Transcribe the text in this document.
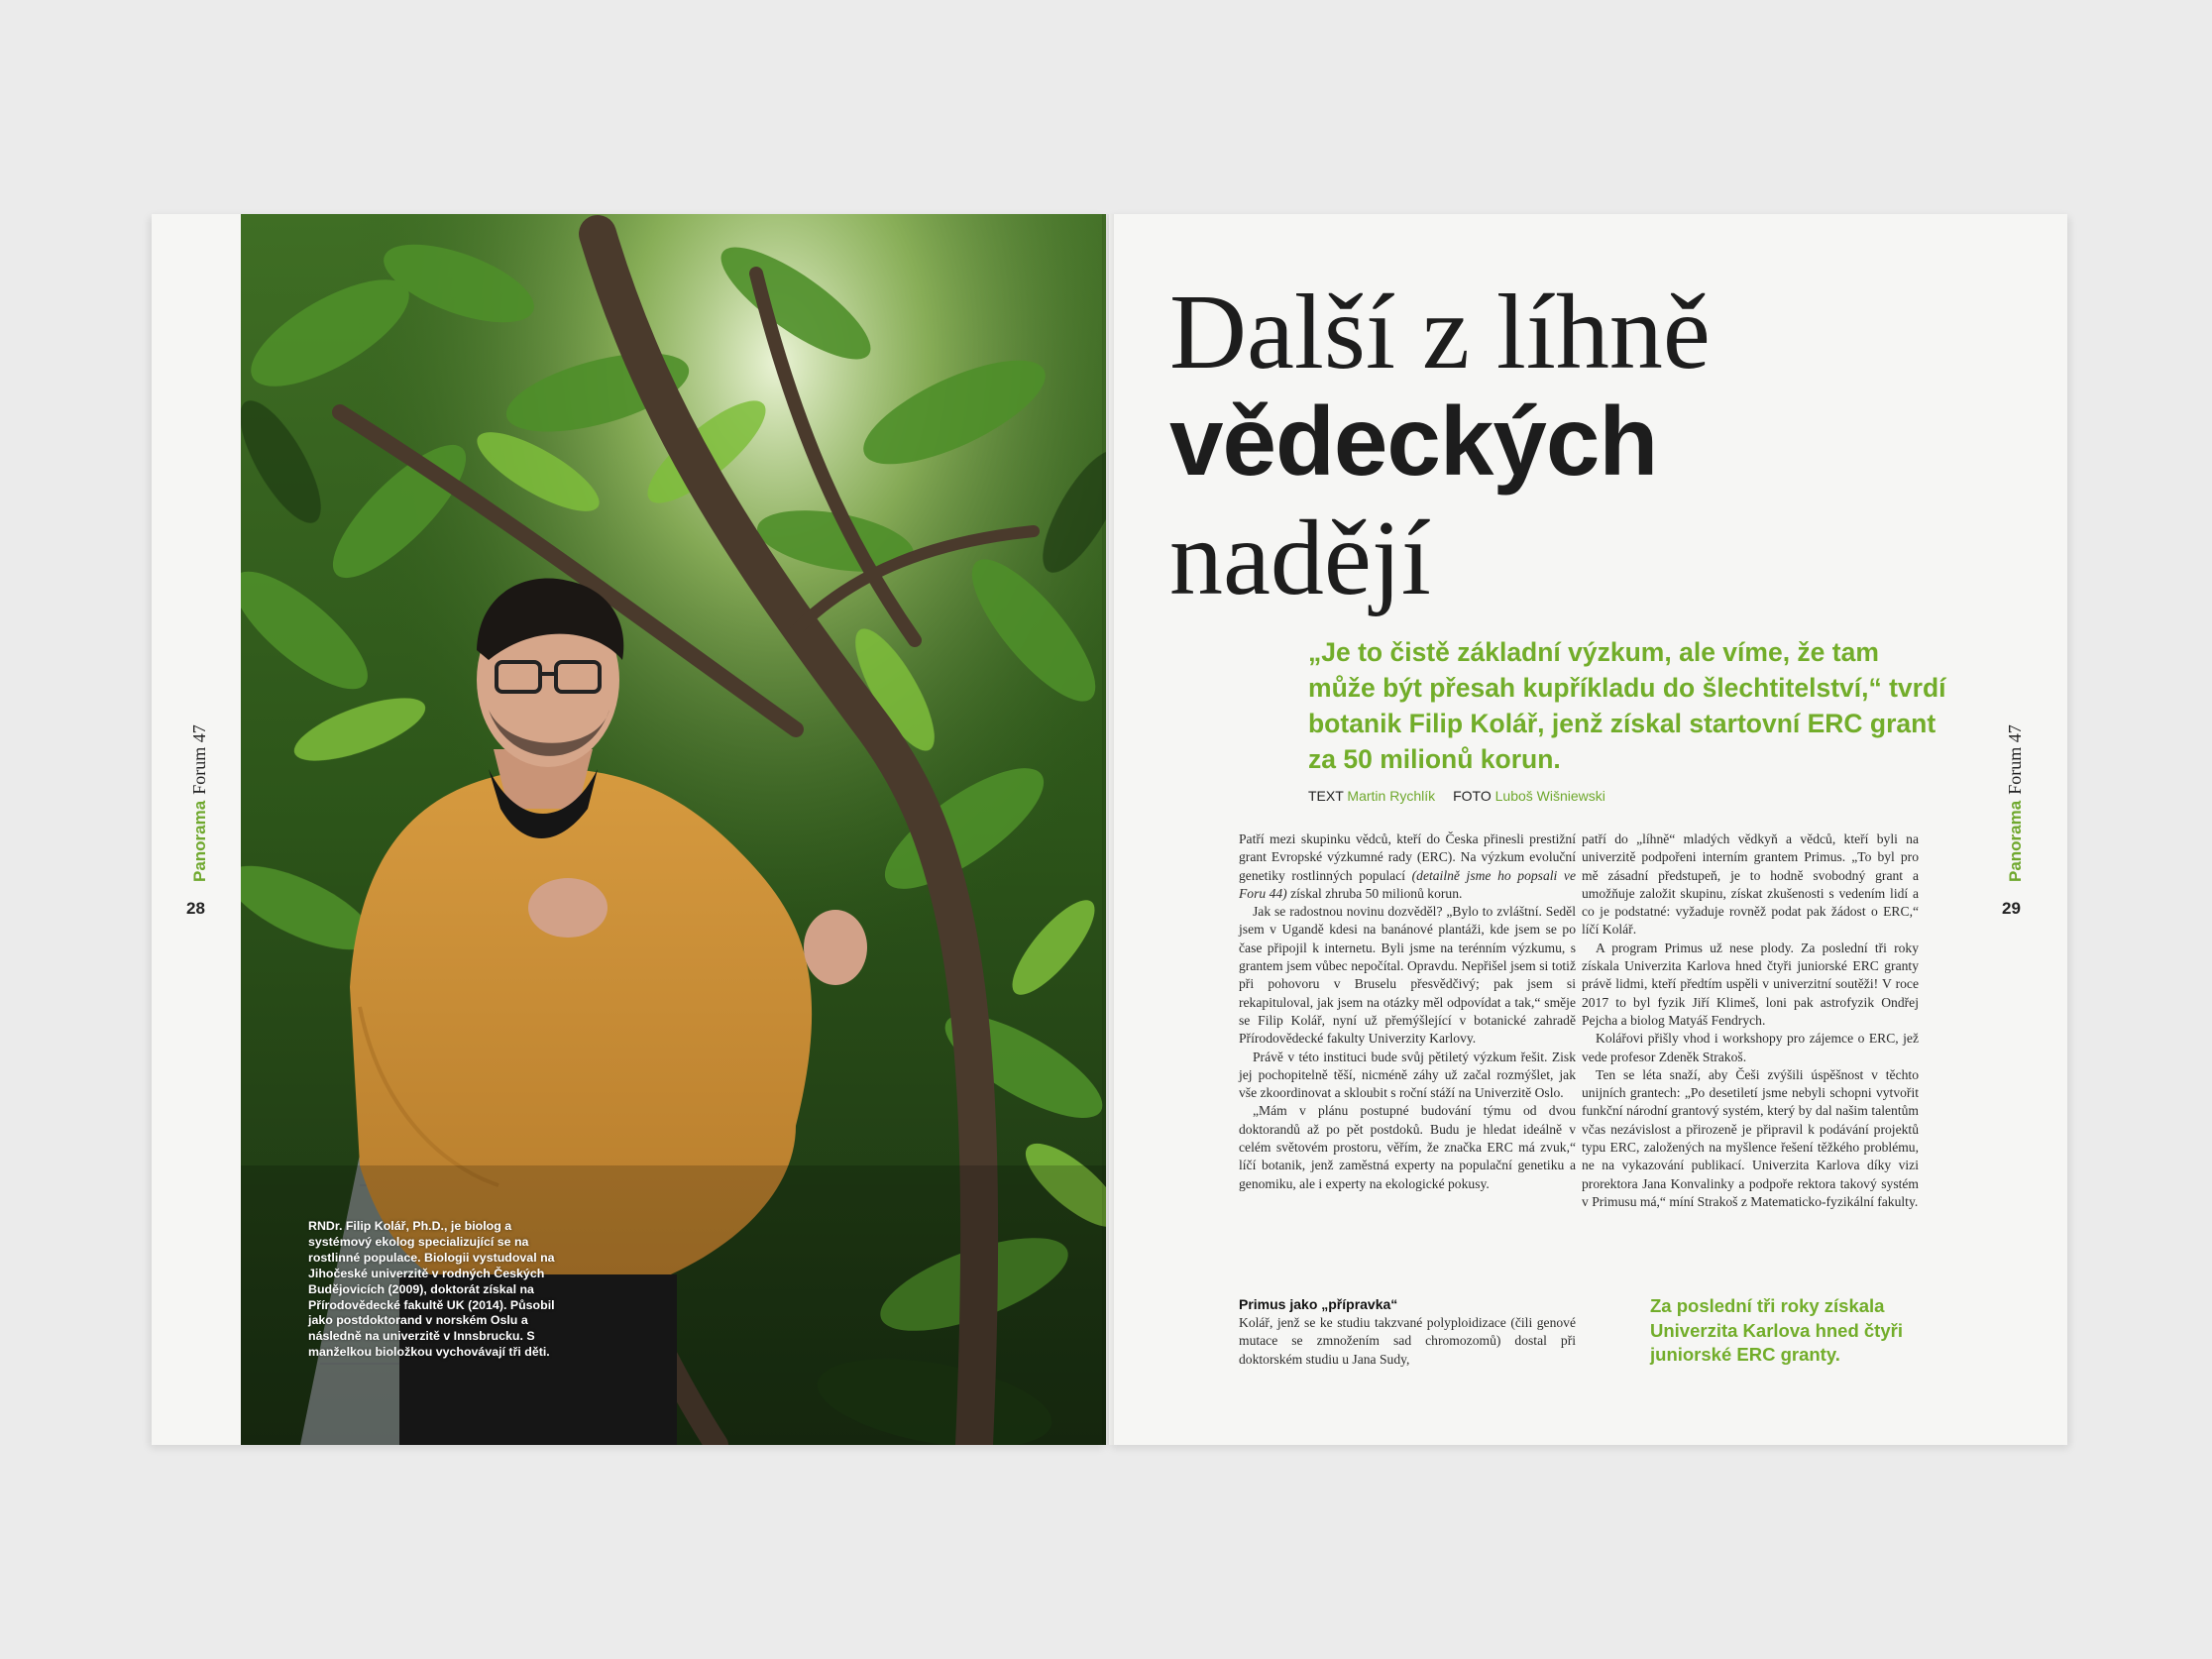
PanoramaForum 47
28
RNDr. Filip Kolář, Ph.D., je biolog a systémový ekolog specializující se na rostlinné populace. Biologii vystudoval na Jihočeské univerzitě v rodných Českých Budějovicích (2009), doktorát získal na Přírodovědecké fakultě UK (2014). Působil jako postdoktorand v norském Oslu a následně na univerzitě v Innsbrucku. S manželkou bioložkou vychovávají tři děti.
PanoramaForum 47
29
Další z líhně
vědeckých
nadějí
„Je to čistě základní výzkum, ale víme, že tam může být přesah kupříkladu do šlechtitelství,“ tvrdí botanik Filip Kolář, jenž získal startovní ERC grant za 50 milionů korun.
TEXT Martin Rychlík FOTO Luboš Wišniewski

Patří mezi skupinku vědců, kteří do Česka přinesli prestižní grant Evropské výzkumné rady (ERC). Na výzkum evoluční genetiky rostlinných populací (detailně jsme ho popsali ve Foru 44) získal zhruba 50 milionů korun.

Jak se radostnou novinu dozvěděl? „Bylo to zvláštní. Seděl jsem v Ugandě kdesi na banánové plantáži, kde jsem se po čase připojil k internetu. Byli jsme na terénním výzkumu, s grantem jsem vůbec nepočítal. Opravdu. Nepřišel jsem si totiž při pohovoru v Bruselu přesvědčivý; pak jsem si rekapituloval, jak jsem na otázky měl odpovídat a tak,“ směje se Filip Kolář, nyní už přemýšlející v botanické zahradě Přírodovědecké fakulty Univerzity Karlovy.

Právě v této instituci bude svůj pětiletý výzkum řešit. Zisk jej pochopitelně těší, nicméně záhy už začal rozmýšlet, jak vše zkoordinovat a skloubit s roční stáží na Univerzitě Oslo.

„Mám v plánu postupné budování týmu od dvou doktorandů až po pět postdoků. Budu je hledat ideálně v celém světovém prostoru, věřím, že značka ERC má zvuk,“ líčí botanik, jenž zaměstná experty na populační genetiku a genomiku, ale i experty na ekologické pokusy.

Primus jako „přípravka“
Kolář, jenž se ke studiu takzvané polyploidizace (čili genové mutace se zmnožením sad chromozomů) dostal při doktorském studiu u Jana Sudy,

patří do „líhně“ mladých vědkyň a vědců, kteří byli na univerzitě podpořeni interním grantem Primus. „To byl pro mě zásadní předstupeň, je to hodně svobodný grant a umožňuje založit skupinu, získat zkušenosti s vedením lidí a co je podstatné: vyžaduje rovněž podat pak žádost o ERC,“ líčí Kolář.

A program Primus už nese plody. Za poslední tři roky získala Univerzita Karlova hned čtyři juniorské ERC granty právě lidmi, kteří předtím uspěli v univerzitní soutěži! V roce 2017 to byl fyzik Jiří Klimeš, loni pak astrofyzik Ondřej Pejcha a biolog Matyáš Fendrych.

Kolářovi přišly vhod i workshopy pro zájemce o ERC, jež vede profesor Zdeněk Strakoš.

Ten se léta snaží, aby Češi zvýšili úspěšnost v těchto unijních grantech: „Po desetiletí jsme nebyli schopni vytvořit funkční národní grantový systém, který by dal našim talentům včas nezávislost a přirozeně je připravil k podávání projektů typu ERC, založených na myšlence řešení těžkého problému, ne na vykazování publikací. Univerzita Karlova díky vizi prorektora Jana Konvalinky a podpoře rektora takový systém v Primusu má,“ míní Strakoš z Matematicko-fyzikální fakulty.

Za poslední tři roky získala Univerzita Karlova hned čtyři juniorské ERC granty.
